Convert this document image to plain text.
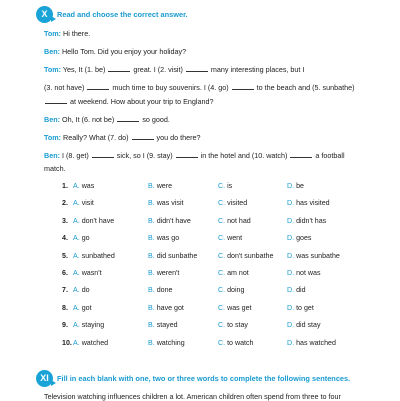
X	Read and choose the correct answer.
Tom: Hi there.
Ben: Hello Tom. Did you enjoy your holiday?
Tom: Yes, It (1. be)	great. I (2. visit)	many interesting places, but I
(3. not have)	much time to buy souvenirs. I (4. go)	to the beach and (5. sunbathe)
at weekend. How about your trip to England?
Ben: Oh, It (6. not be)	so good.
Tom: Really? What (7. do)	you do there?
Ben: I (8. get)	sick, so I (9. stay)	in the hotel and (10. watch)	a football
match.
1. A. was	B. were	C. is	D. be
2. A. visit	B. was visit	C. visited	D. has visited
3. A. don't have	B. didn't have	C. not had	D. didn't has
4. A. go	B. was go	C. went	D. goes
5. A. sunbathed	B. did sunbathe	C. don't sunbathe D. was sunbathe
6. A. wasn't	B. weren't	C. am not	D. not was
7. A. do	B. done	C. doing	D. did
8. A. got	B. have got	C. was get	D. to get
9. A. staying	B. stayed	C. to stay	D. did stay
10. A. watched	B. watching	C. to watch	D. has watched
XI	Fill in each blank with one, two or three words to complete the following sentences.
Television watching influences children a lot. American children often spend from three to four
